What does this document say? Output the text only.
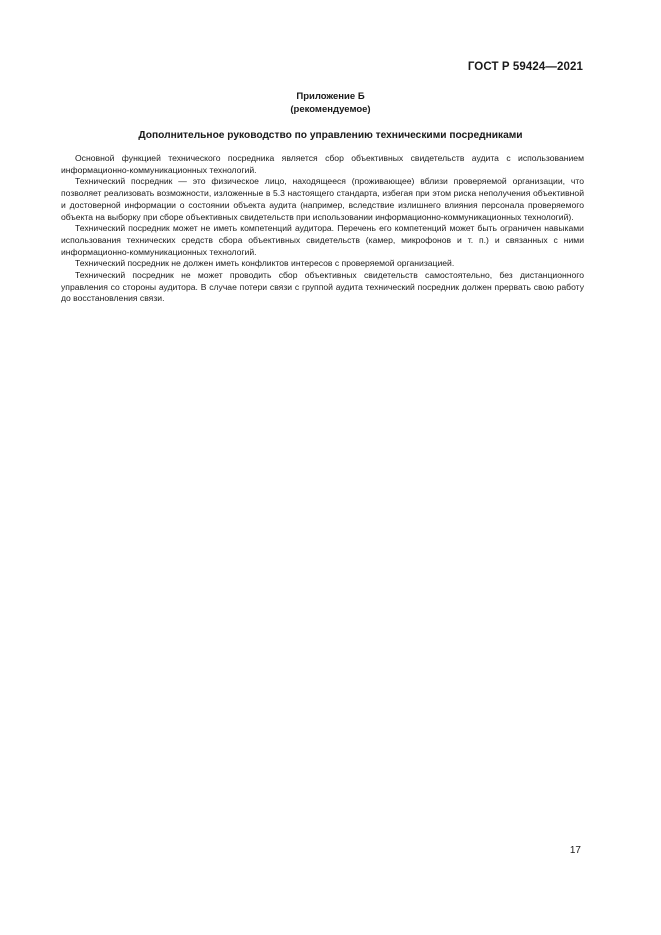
ГОСТ Р 59424—2021
Приложение Б
(рекомендуемое)
Дополнительное руководство по управлению техническими посредниками

Основной функцией технического посредника является сбор объективных свидетельств аудита с использованием информационно-коммуникационных технологий.

Технический посредник — это физическое лицо, находящееся (проживающее) вблизи проверяемой организации, что позволяет реализовать возможности, изложенные в 5.3 настоящего стандарта, избегая при этом риска неполучения объективной и достоверной информации о состоянии объекта аудита (например, вследствие излишнего влияния персонала проверяемого объекта на выборку при сборе объективных свидетельств при использовании информационно-коммуникационных технологий).

Технический посредник может не иметь компетенций аудитора. Перечень его компетенций может быть ограничен навыками использования технических средств сбора объективных свидетельств (камер, микрофонов и т. п.) и связанных с ними информационно-коммуникационных технологий.

Технический посредник не должен иметь конфликтов интересов с проверяемой организацией.

Технический посредник не может проводить сбор объективных свидетельств самостоятельно, без дистанционного управления со стороны аудитора. В случае потери связи с группой аудита технический посредник должен прервать свою работу до восстановления связи.

17
